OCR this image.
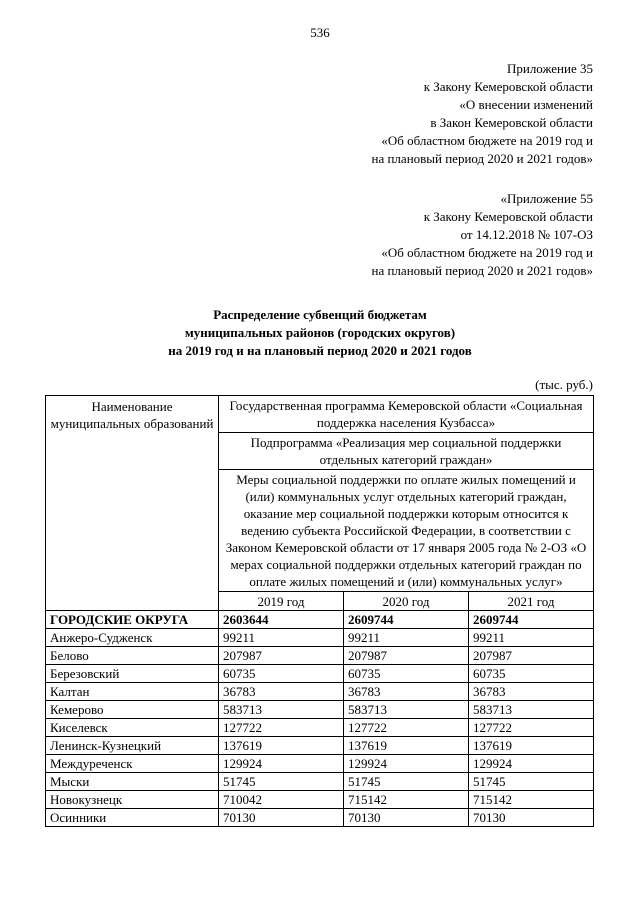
536
Приложение 35
к Закону Кемеровской области
«О внесении изменений
в Закон Кемеровской области
«Об областном бюджете на 2019 год и
на плановый период 2020 и 2021 годов»
«Приложение 55
к Закону Кемеровской области
от 14.12.2018 № 107-ОЗ
«Об областном бюджете на 2019 год и
на плановый период 2020 и 2021 годов»
Распределение субвенций бюджетам
муниципальных районов (городских округов)
на 2019 год и на плановый период 2020 и 2021 годов
(тыс. руб.)
Наименование муниципальных образований	Государственная программа Кемеровской области «Социальная поддержка населения Кузбасса»		
	Подпрограмма «Реализация мер социальной поддержки отдельных категорий граждан»		
	Меры социальной поддержки по оплате жилых помещений и (или) коммунальных услуг отдельных категорий граждан, оказание мер социальной поддержки которым относится к ведению субъекта Российской Федерации, в соответствии с Законом Кемеровской области от 17 января 2005 года № 2-ОЗ «О мерах социальной поддержки отдельных категорий граждан по оплате жилых помещений и (или) коммунальных услуг»		
	2019 год	2020 год	2021 год
ГОРОДСКИЕ ОКРУГА	2603644	2609744	2609744
Анжеро-Судженск	99211	99211	99211
Белово	207987	207987	207987
Березовский	60735	60735	60735
Калтан	36783	36783	36783
Кемерово	583713	583713	583713
Киселевск	127722	127722	127722
Ленинск-Кузнецкий	137619	137619	137619
Междуреченск	129924	129924	129924
Мыски	51745	51745	51745
Новокузнецк	710042	715142	715142
Осинники	70130	70130	70130
